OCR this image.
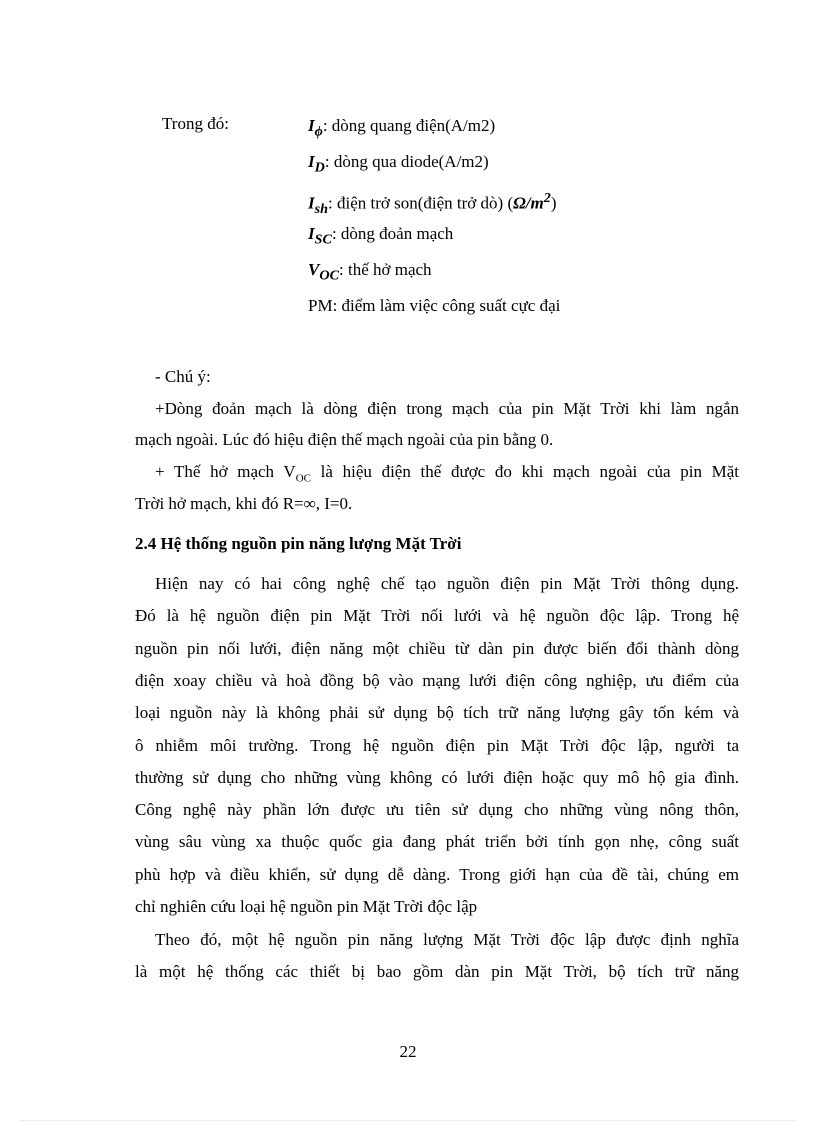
Trong đó:	$I_\phi$: dòng quang điện(A/m2)
$I_D$: dòng qua diode(A/m2)
$I_{sh}$: điện trở son(điện trở dò) $(\Omega/m^2)$
$I_{SC}$: dòng đoản mạch
$V_{OC}$: thế hở mạch
PM: điểm làm việc công suất cực đại
- Chú ý:
+Dòng đoản mạch là dòng điện trong mạch của pin Mặt Trời khi làm ngắn
mạch ngoài. Lúc đó hiệu điện thế mạch ngoài của pin bằng 0.
+ Thế hở mạch $V_{OC}$ là hiệu điện thế được đo khi mạch ngoài của pin Mặt
Trời hở mạch, khi đó R=∞, I=0.
2.4 Hệ thống nguồn pin năng lượng Mặt Trời
Hiện nay có hai công nghệ chế tạo nguồn điện pin Mặt Trời thông dụng.
Đó là hệ nguồn điện pin Mặt Trời nối lưới và hệ nguồn độc lập. Trong hệ
nguồn pin nối lưới, điện năng một chiều từ dàn pin được biến đổi thành dòng
điện xoay chiều và hoà đồng bộ vào mạng lưới điện công nghiệp, ưu điểm của
loại nguồn này là không phải sử dụng bộ tích trữ năng lượng gây tốn kém và
ô nhiễm môi trường. Trong hệ nguồn điện pin Mặt Trời độc lập, người ta
thường sử dụng cho những vùng không có lưới điện hoặc quy mô hộ gia đình.
Công nghệ này phần lớn được ưu tiên sử dụng cho những vùng nông thôn,
vùng sâu vùng xa thuộc quốc gia đang phát triển bởi tính gọn nhẹ, công suất
phù hợp và điều khiển, sử dụng dễ dàng. Trong giới hạn của đề tài, chúng em
chỉ nghiên cứu loại hệ nguồn pin Mặt Trời độc lập
Theo đó, một hệ nguồn pin năng lượng Mặt Trời độc lập được định nghĩa
là một hệ thống các thiết bị bao gồm dàn pin Mặt Trời, bộ tích trữ năng
22
